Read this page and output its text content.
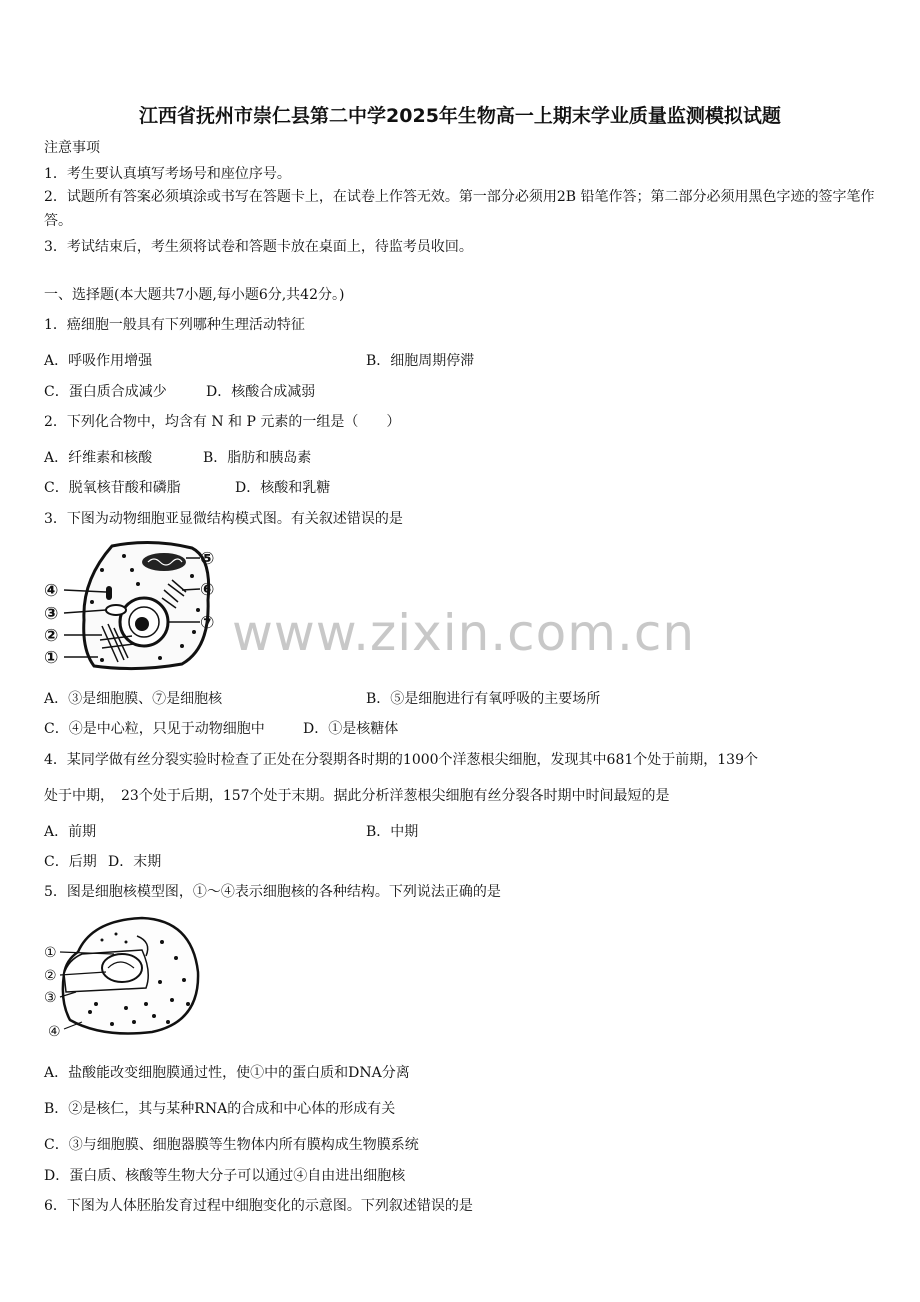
江西省抚州市崇仁县第二中学2025年生物高一上期末学业质量监测模拟试题
注意事项
1．考生要认真填写考场号和座位序号。
2．试题所有答案必须填涂或书写在答题卡上，在试卷上作答无效。第一部分必须用2B 铅笔作答；第二部分必须用黑色字迹的签字笔作答。
3．考试结束后，考生须将试卷和答题卡放在桌面上，待监考员收回。
一、选择题(本大题共7小题,每小题6分,共42分。)
1．癌细胞一般具有下列哪种生理活动特征
A．呼吸作用增强	B．细胞周期停滞
C．蛋白质合成减少	D．核酸合成减弱
2．下列化合物中，均含有 N 和 P 元素的一组是（　　）
A．纤维素和核酸	B．脂肪和胰岛素
C．脱氧核苷酸和磷脂	D．核酸和乳糖
3．下图为动物细胞亚显微结构模式图。有关叙述错误的是
④
③
②
①
⑤
⑥
⑦ www.zixin.com.cn
A．③是细胞膜、⑦是细胞核	B．⑤是细胞进行有氧呼吸的主要场所
C．④是中心粒，只见于动物细胞中	D．①是核糖体
4．某同学做有丝分裂实验时检查了正处在分裂期各时期的1000个洋葱根尖细胞，发现其中681个处于前期，139个
处于中期，　23个处于后期，157个处于末期。据此分析洋葱根尖细胞有丝分裂各时期中时间最短的是
A．前期	B．中期
C．后期 D．末期
5．图是细胞核模型图，①～④表示细胞核的各种结构。下列说法正确的是
①
②
③
④
A．盐酸能改变细胞膜通过性，使①中的蛋白质和DNA分离
B．②是核仁，其与某种RNA的合成和中心体的形成有关
C．③与细胞膜、细胞器膜等生物体内所有膜构成生物膜系统
D．蛋白质、核酸等生物大分子可以通过④自由进出细胞核
6．下图为人体胚胎发育过程中细胞变化的示意图。下列叙述错误的是
